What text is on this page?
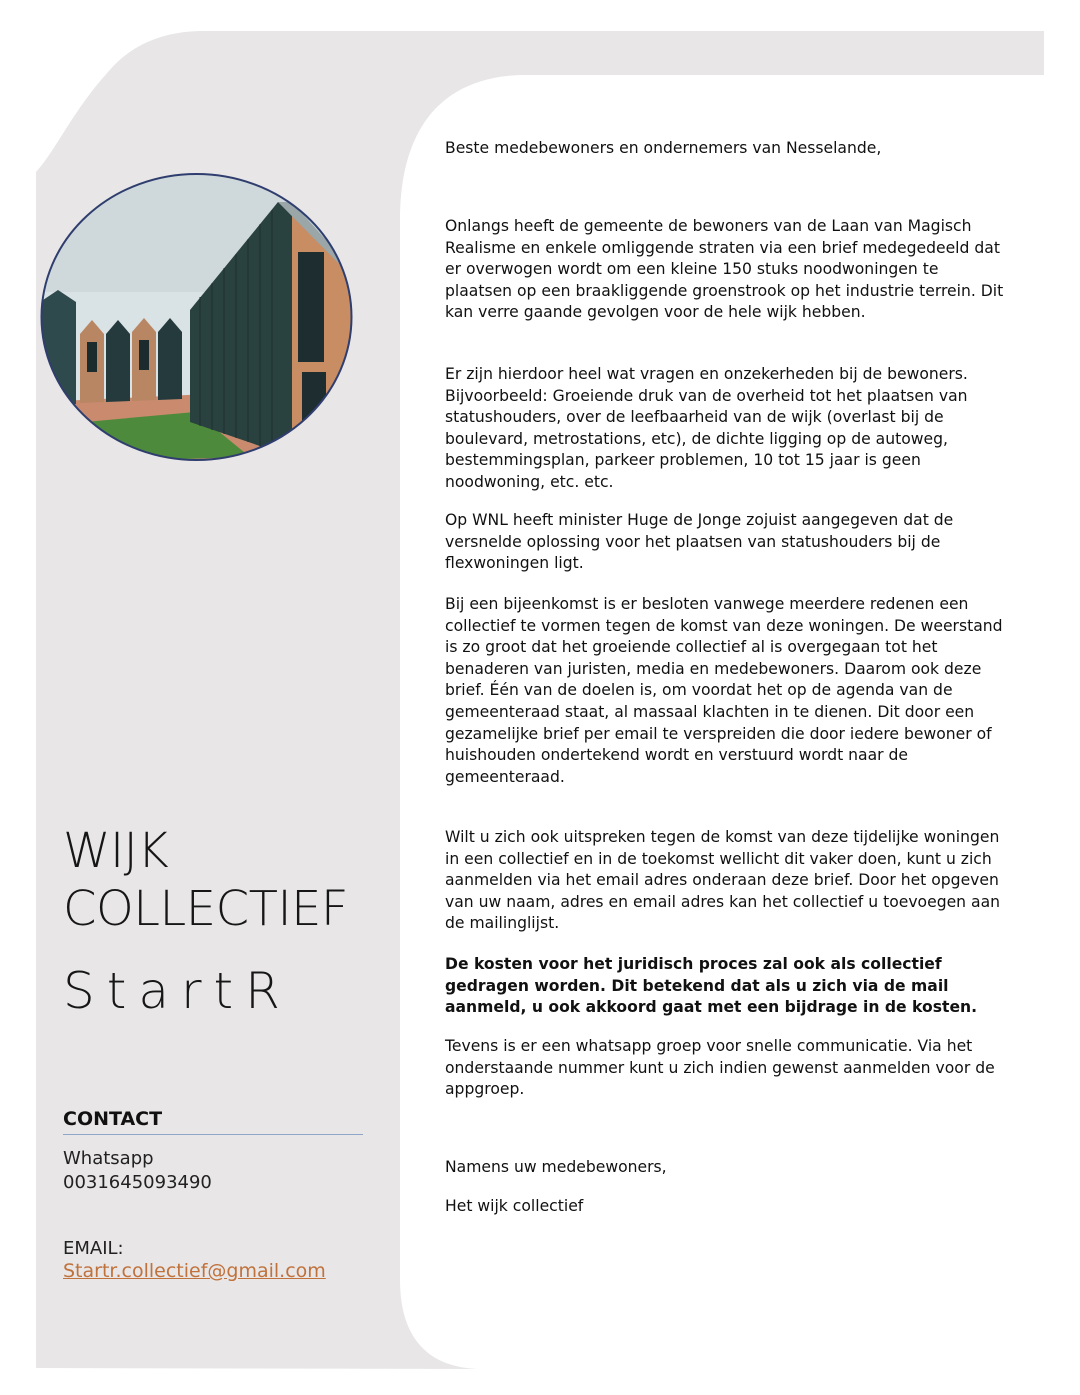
WIJK
COLLECTIEF
StartR
CONTACT
Whatsapp
0031645093490
EMAIL:
Startr.collectief@gmail.com

Beste medebewoners en ondernemers van Nesselande,

Onlangs heeft de gemeente de bewoners van de Laan van Magisch Realisme en enkele omliggende straten via een brief medegedeeld dat er overwogen wordt om een kleine 150 stuks noodwoningen te plaatsen op een braakliggende groenstrook op het industrie terrein. Dit kan verre gaande gevolgen voor de hele wijk hebben.

Er zijn hierdoor heel wat vragen en onzekerheden bij de bewoners. Bijvoorbeeld: Groeiende druk van de overheid tot het plaatsen van statushouders, over de leefbaarheid van de wijk (overlast bij de boulevard, metrostations, etc), de dichte ligging op de autoweg, bestemmingsplan, parkeer problemen, 10 tot 15 jaar is geen noodwoning, etc. etc.

Op WNL heeft minister Huge de Jonge zojuist aangegeven dat de versnelde oplossing voor het plaatsen van statushouders bij de flexwoningen ligt.

Bij een bijeenkomst is er besloten vanwege meerdere redenen een collectief te vormen tegen de komst van deze woningen. De weerstand is zo groot dat het groeiende collectief al is overgegaan tot het benaderen van juristen, media en medebewoners. Daarom ook deze brief. Één van de doelen is, om voordat het op de agenda van de gemeenteraad staat, al massaal klachten in te dienen. Dit door een gezamelijke brief per email te verspreiden die door iedere bewoner of huishouden ondertekend wordt en verstuurd wordt naar de gemeenteraad.

Wilt u zich ook uitspreken tegen de komst van deze tijdelijke woningen in een collectief en in de toekomst wellicht dit vaker doen, kunt u zich aanmelden via het email adres onderaan deze brief. Door het opgeven van uw naam, adres en email adres kan het collectief u toevoegen aan de mailinglijst.

De kosten voor het juridisch proces zal ook als collectief gedragen worden. Dit betekend dat als u zich via de mail aanmeld, u ook akkoord gaat met een bijdrage in de kosten.

Tevens is er een whatsapp groep voor snelle communicatie. Via het onderstaande nummer kunt u zich indien gewenst aanmelden voor de appgroep.

Namens uw medebewoners,

Het wijk collectief
